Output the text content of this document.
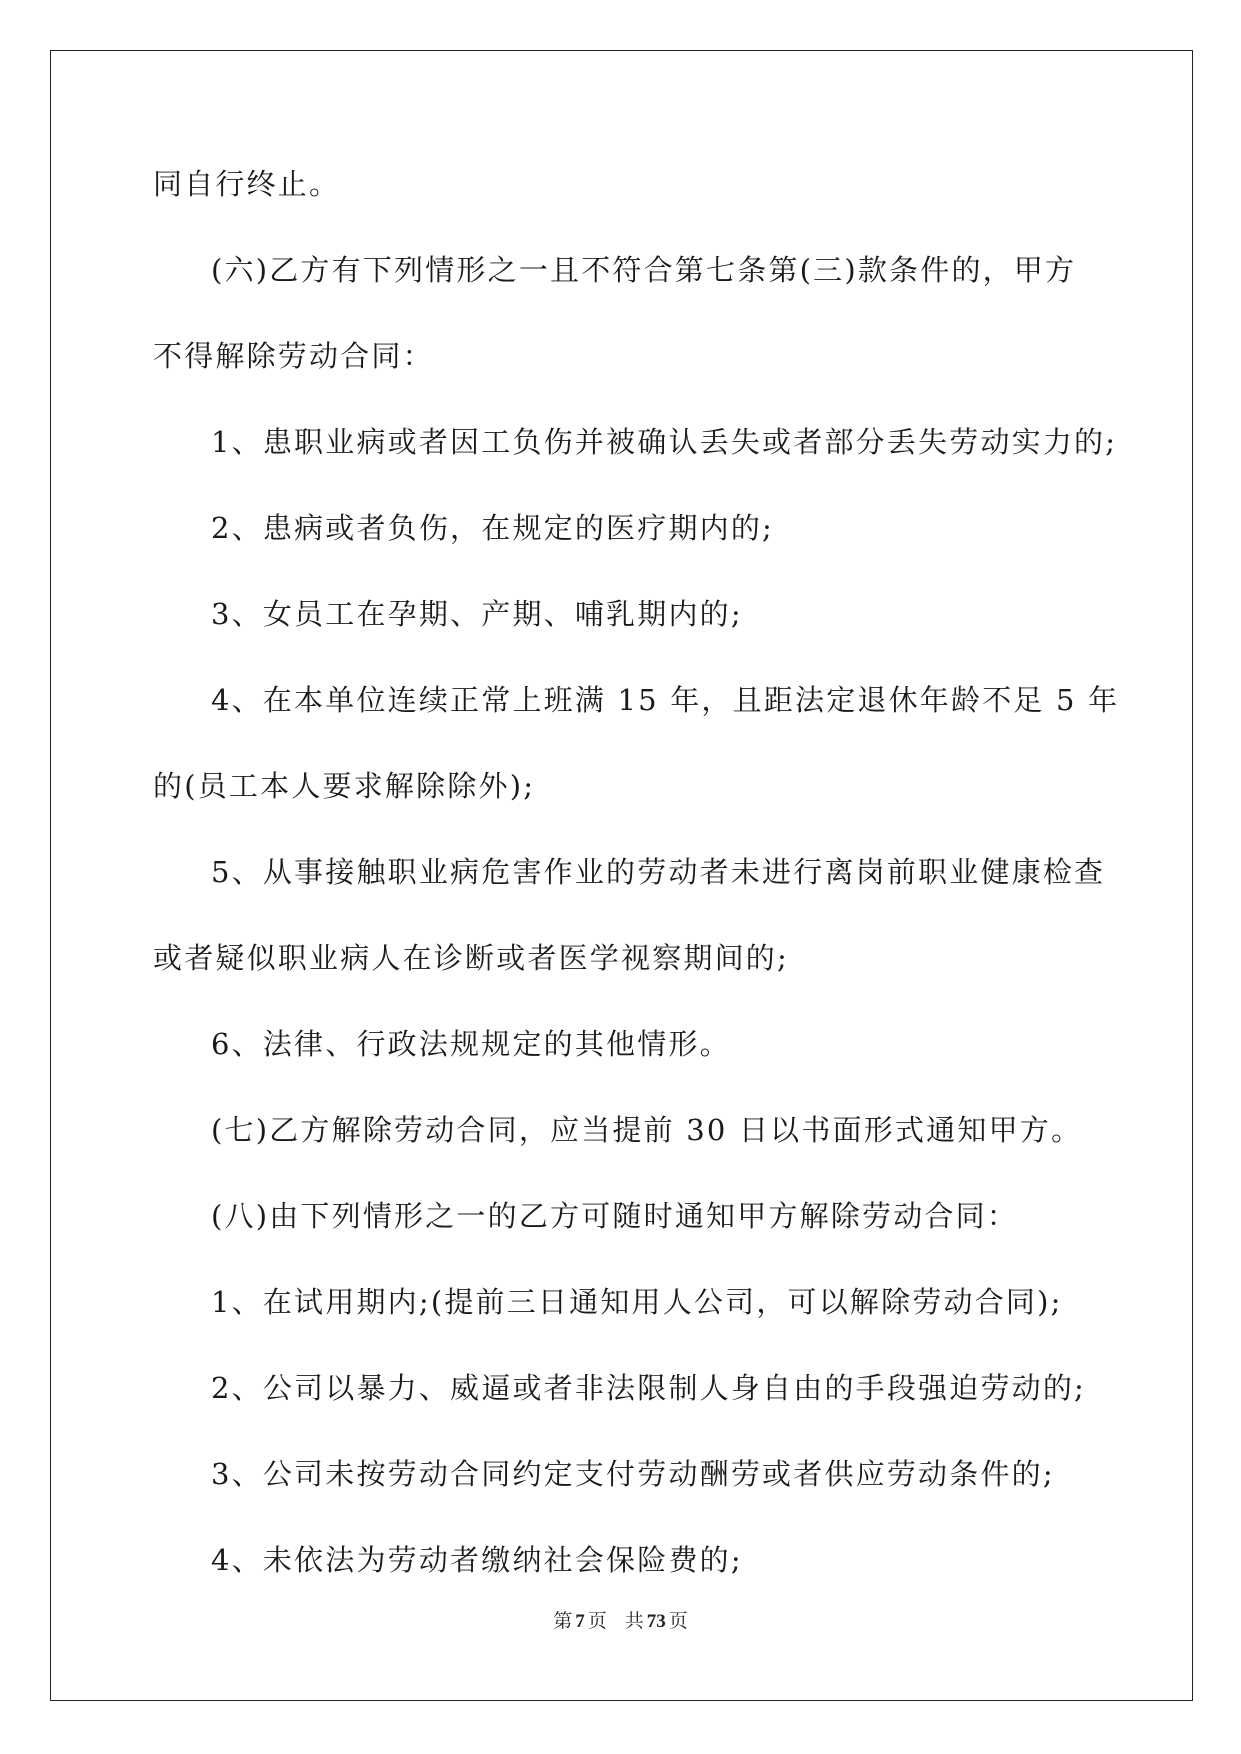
同自行终止。
(六)乙方有下列情形之一且不符合第七条第(三)款条件的，甲方
不得解除劳动合同：
1、患职业病或者因工负伤并被确认丢失或者部分丢失劳动实力的;
2、患病或者负伤，在规定的医疗期内的;
3、女员工在孕期、产期、哺乳期内的;
4、在本单位连续正常上班满 15 年，且距法定退休年龄不足 5 年
的(员工本人要求解除除外);
5、从事接触职业病危害作业的劳动者未进行离岗前职业健康检查
或者疑似职业病人在诊断或者医学视察期间的;
6、法律、行政法规规定的其他情形。
(七)乙方解除劳动合同，应当提前 30 日以书面形式通知甲方。
(八)由下列情形之一的乙方可随时通知甲方解除劳动合同：
1、在试用期内;(提前三日通知用人公司，可以解除劳动合同);
2、公司以暴力、威逼或者非法限制人身自由的手段强迫劳动的;
3、公司未按劳动合同约定支付劳动酬劳或者供应劳动条件的;
4、未依法为劳动者缴纳社会保险费的;
第 7 页 共 73 页
